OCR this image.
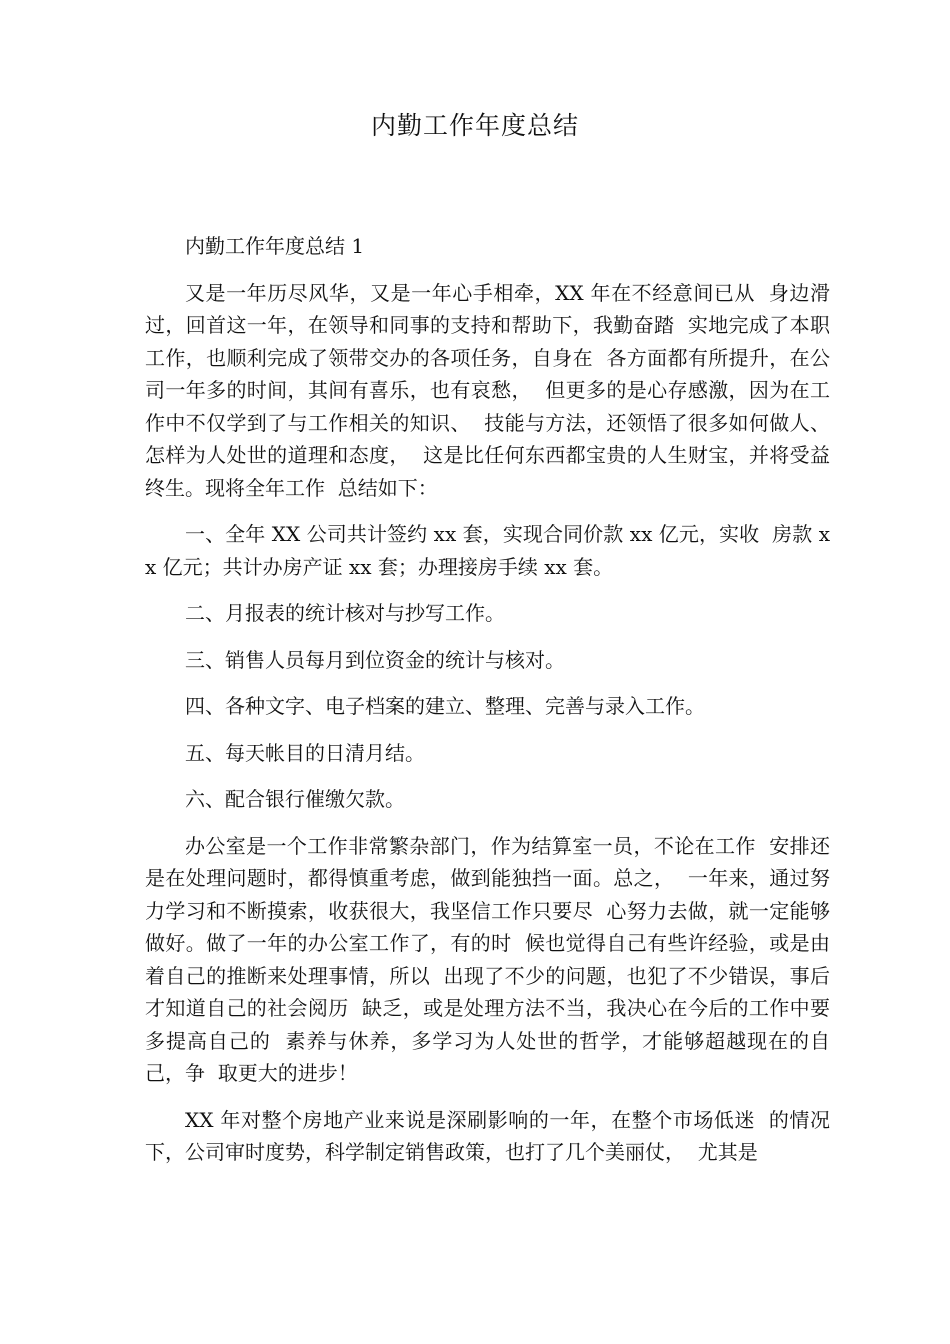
内勤工作年度总结

内勤工作年度总结 1

又是一年历尽风华，又是一年心手相牵，XX 年在不经意间已从  身边滑过，回首这一年，在领导和同事的支持和帮助下，我勤奋踏  实地完成了本职工作，也顺利完成了领带交办的各项任务，自身在  各方面都有所提升，在公司一年多的时间，其间有喜乐，也有哀愁，  但更多的是心存感激，因为在工作中不仅学到了与工作相关的知识、  技能与方法，还领悟了很多如何做人、怎样为人处世的道理和态度，  这是比任何东西都宝贵的人生财宝，并将受益终生。现将全年工作  总结如下：

一、全年 XX 公司共计签约 xx 套，实现合同价款 xx 亿元，实收  房款 xx 亿元；共计办房产证 xx 套；办理接房手续 xx 套。

二、月报表的统计核对与抄写工作。

三、销售人员每月到位资金的统计与核对。

四、各种文字、电子档案的建立、整理、完善与录入工作。

五、每天帐目的日清月结。

六、配合银行催缴欠款。

办公室是一个工作非常繁杂部门，作为结算室一员，不论在工作  安排还是在处理问题时，都得慎重考虑，做到能独挡一面。总之，  一年来，通过努力学习和不断摸索，收获很大，我坚信工作只要尽  心努力去做，就一定能够做好。做了一年的办公室工作了，有的时  候也觉得自己有些许经验，或是由着自己的推断来处理事情，所以  出现了不少的问题，也犯了不少错误，事后才知道自己的社会阅历  缺乏，或是处理方法不当，我决心在今后的工作中要多提高自己的  素养与休养，多学习为人处世的哲学，才能够超越现在的自己，争  取更大的进步！

XX 年对整个房地产业来说是深刷影响的一年，在整个市场低迷  的情况下，公司审时度势，科学制定销售政策，也打了几个美丽仗，  尤其是
